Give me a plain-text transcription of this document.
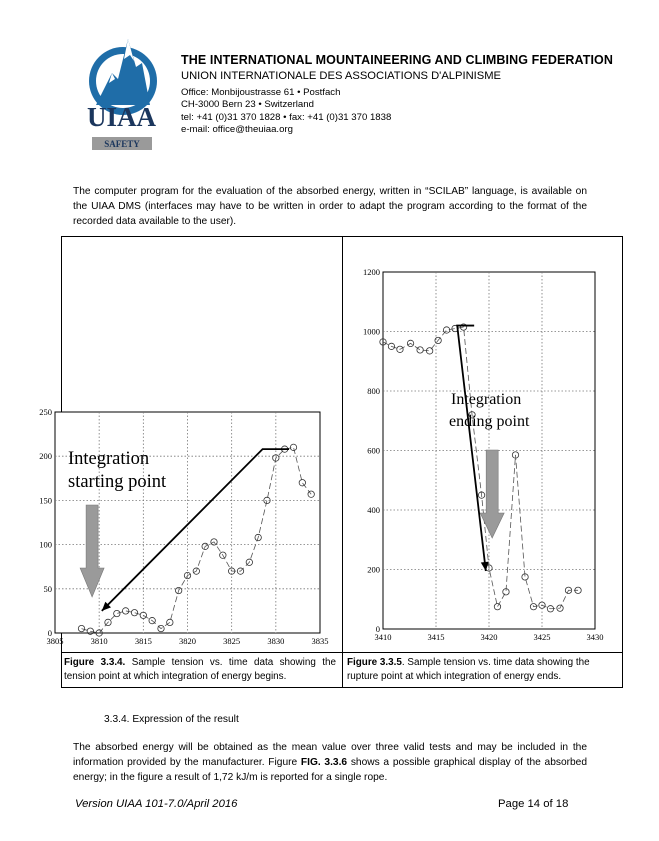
UIAA
SAFETY
THE INTERNATIONAL MOUNTAINEERING AND CLIMBING FEDERATION
UNION INTERNATIONALE DES ASSOCIATIONS D'ALPINISME
Office: Monbijoustrasse 61 • Postfach
CH-3000 Bern 23 • Switzerland
tel: +41 (0)31 370 1828 • fax: +41 (0)31 370 1838
e-mail: office@theuiaa.org
The computer program for the evaluation of the absorbed energy, written in “SCILAB” language, is available on the UIAA DMS (interfaces may have to be written in order to adapt the program according to the format of the recorded data available to the user).
3805	3810	3815	3820	3825	3830	3835
0
50
100
150
200
250
Integration
starting point
3410	3415	3420	3425	3430
0
200
400
600
800
1000
1200
Integration
ending point
Figure 3.3.4. Sample tension vs. time data showing the tension point at which integration of energy begins.
Figure 3.3.5. Sample tension vs. time data showing the rupture point at which integration of energy ends.
3.3.4. Expression of the result
The absorbed energy will be obtained as the mean value over three valid tests and may be included in the information provided by the manufacturer. Figure FIG. 3.3.6 shows a possible graphical display of the absorbed energy; in the figure a result of 1,72 kJ/m is reported for a single rope.
Version UIAA 101-7.0/April 2016	Page 14 of 18
